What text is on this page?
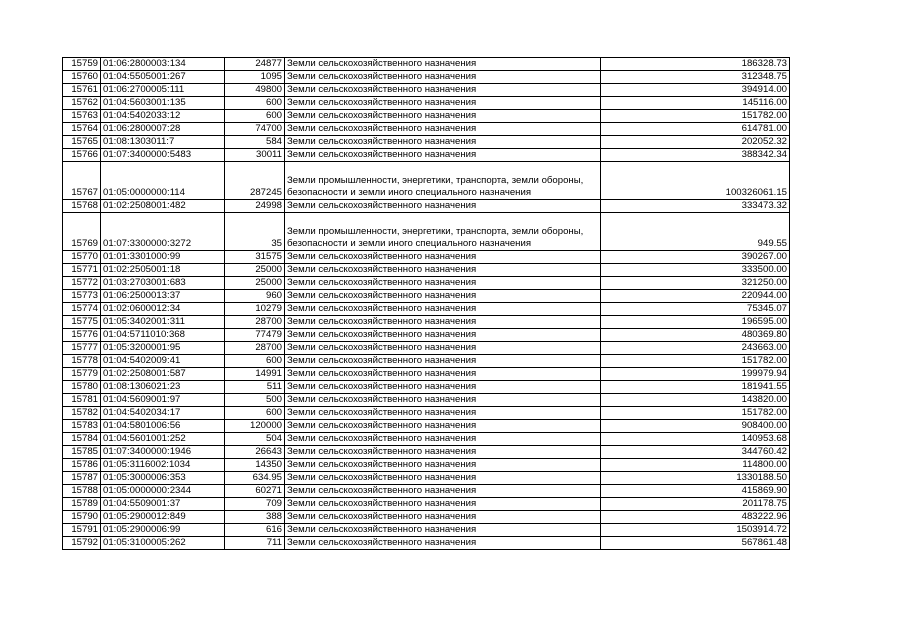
15759	01:06:2800003:134	24877	Земли сельскохозяйственного назначения	186328.73
15760	01:04:5505001:267	1095	Земли сельскохозяйственного назначения	312348.75
15761	01:06:2700005:111	49800	Земли сельскохозяйственного назначения	394914.00
15762	01:04:5603001:135	600	Земли сельскохозяйственного назначения	145116.00
15763	01:04:5402033:12	600	Земли сельскохозяйственного назначения	151782.00
15764	01:06:2800007:28	74700	Земли сельскохозяйственного назначения	614781.00
15765	01:08:1303011:7	584	Земли сельскохозяйственного назначения	202052.32
15766	01:07:3400000:5483	30011	Земли сельскохозяйственного назначения	388342.34
15767	01:05:0000000:114	287245	Земли промышленности, энергетики, транспорта, земли обороны, безопасности и земли иного специального назначения	100326061.15
15768	01:02:2508001:482	24998	Земли сельскохозяйственного назначения	333473.32
15769	01:07:3300000:3272	35	Земли промышленности, энергетики, транспорта, земли обороны, безопасности и земли иного специального назначения	949.55
15770	01:01:3301000:99	31575	Земли сельскохозяйственного назначения	390267.00
15771	01:02:2505001:18	25000	Земли сельскохозяйственного назначения	333500.00
15772	01:03:2703001:683	25000	Земли сельскохозяйственного назначения	321250.00
15773	01:06:2500013:37	960	Земли сельскохозяйственного назначения	220944.00
15774	01:02:0600012:34	10279	Земли сельскохозяйственного назначения	75345.07
15775	01:05:3402001:311	28700	Земли сельскохозяйственного назначения	196595.00
15776	01:04:5711010:368	77479	Земли сельскохозяйственного назначения	480369.80
15777	01:05:3200001:95	28700	Земли сельскохозяйственного назначения	243663.00
15778	01:04:5402009:41	600	Земли сельскохозяйственного назначения	151782.00
15779	01:02:2508001:587	14991	Земли сельскохозяйственного назначения	199979.94
15780	01:08:1306021:23	511	Земли сельскохозяйственного назначения	181941.55
15781	01:04:5609001:97	500	Земли сельскохозяйственного назначения	143820.00
15782	01:04:5402034:17	600	Земли сельскохозяйственного назначения	151782.00
15783	01:04:5801006:56	120000	Земли сельскохозяйственного назначения	908400.00
15784	01:04:5601001:252	504	Земли сельскохозяйственного назначения	140953.68
15785	01:07:3400000:1946	26643	Земли сельскохозяйственного назначения	344760.42
15786	01:05:3116002:1034	14350	Земли сельскохозяйственного назначения	114800.00
15787	01:05:3000006:353	634.95	Земли сельскохозяйственного назначения	1330188.50
15788	01:05:0000000:2344	60271	Земли сельскохозяйственного назначения	415869.90
15789	01:04:5509001:37	709	Земли сельскохозяйственного назначения	201178.75
15790	01:05:2900012:849	388	Земли сельскохозяйственного назначения	483222.96
15791	01:05:2900006:99	616	Земли сельскохозяйственного назначения	1503914.72
15792	01:05:3100005:262	711	Земли сельскохозяйственного назначения	567861.48
